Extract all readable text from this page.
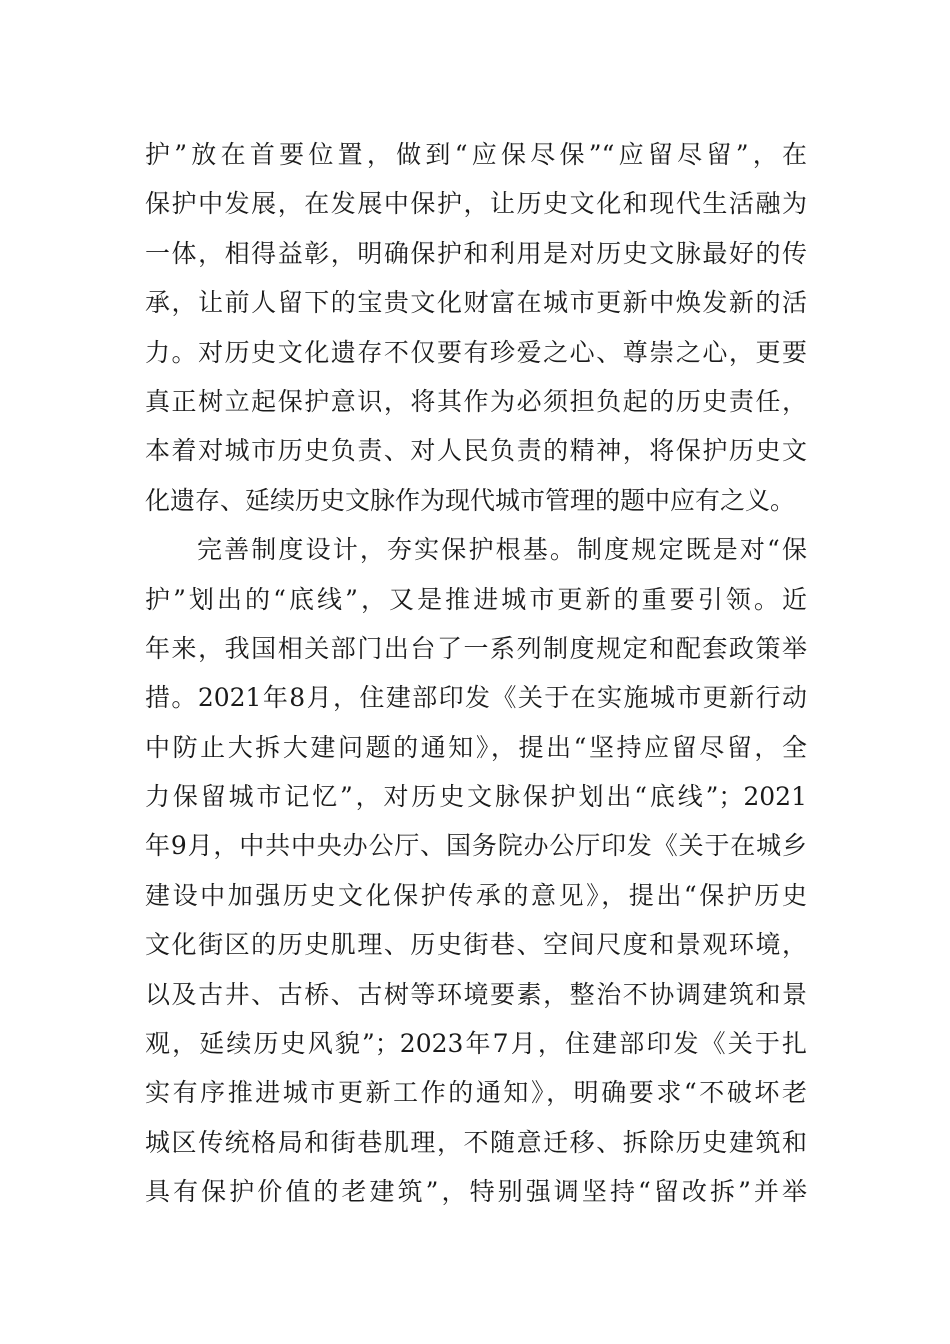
护”放在首要位置，做到“应保尽保”“应留尽留”，在
保护中发展，在发展中保护，让历史文化和现代生活融为
一体，相得益彰，明确保护和利用是对历史文脉最好的传
承，让前人留下的宝贵文化财富在城市更新中焕发新的活
力。对历史文化遗存不仅要有珍爱之心、尊崇之心，更要
真正树立起保护意识，将其作为必须担负起的历史责任，
本着对城市历史负责、对人民负责的精神，将保护历史文
化遗存、延续历史文脉作为现代城市管理的题中应有之义。
完善制度设计，夯实保护根基。制度规定既是对“保
护”划出的“底线”，又是推进城市更新的重要引领。近
年来，我国相关部门出台了一系列制度规定和配套政策举
措。2021年8月，住建部印发《关于在实施城市更新行动
中防止大拆大建问题的通知》，提出“坚持应留尽留，全
力保留城市记忆”，对历史文脉保护划出“底线”；2021
年9月，中共中央办公厅、国务院办公厅印发《关于在城乡
建设中加强历史文化保护传承的意见》，提出“保护历史
文化街区的历史肌理、历史街巷、空间尺度和景观环境，
以及古井、古桥、古树等环境要素，整治不协调建筑和景
观，延续历史风貌”；2023年7月，住建部印发《关于扎
实有序推进城市更新工作的通知》，明确要求“不破坏老
城区传统格局和街巷肌理，不随意迁移、拆除历史建筑和
具有保护价值的老建筑”，特别强调坚持“留改拆”并举
